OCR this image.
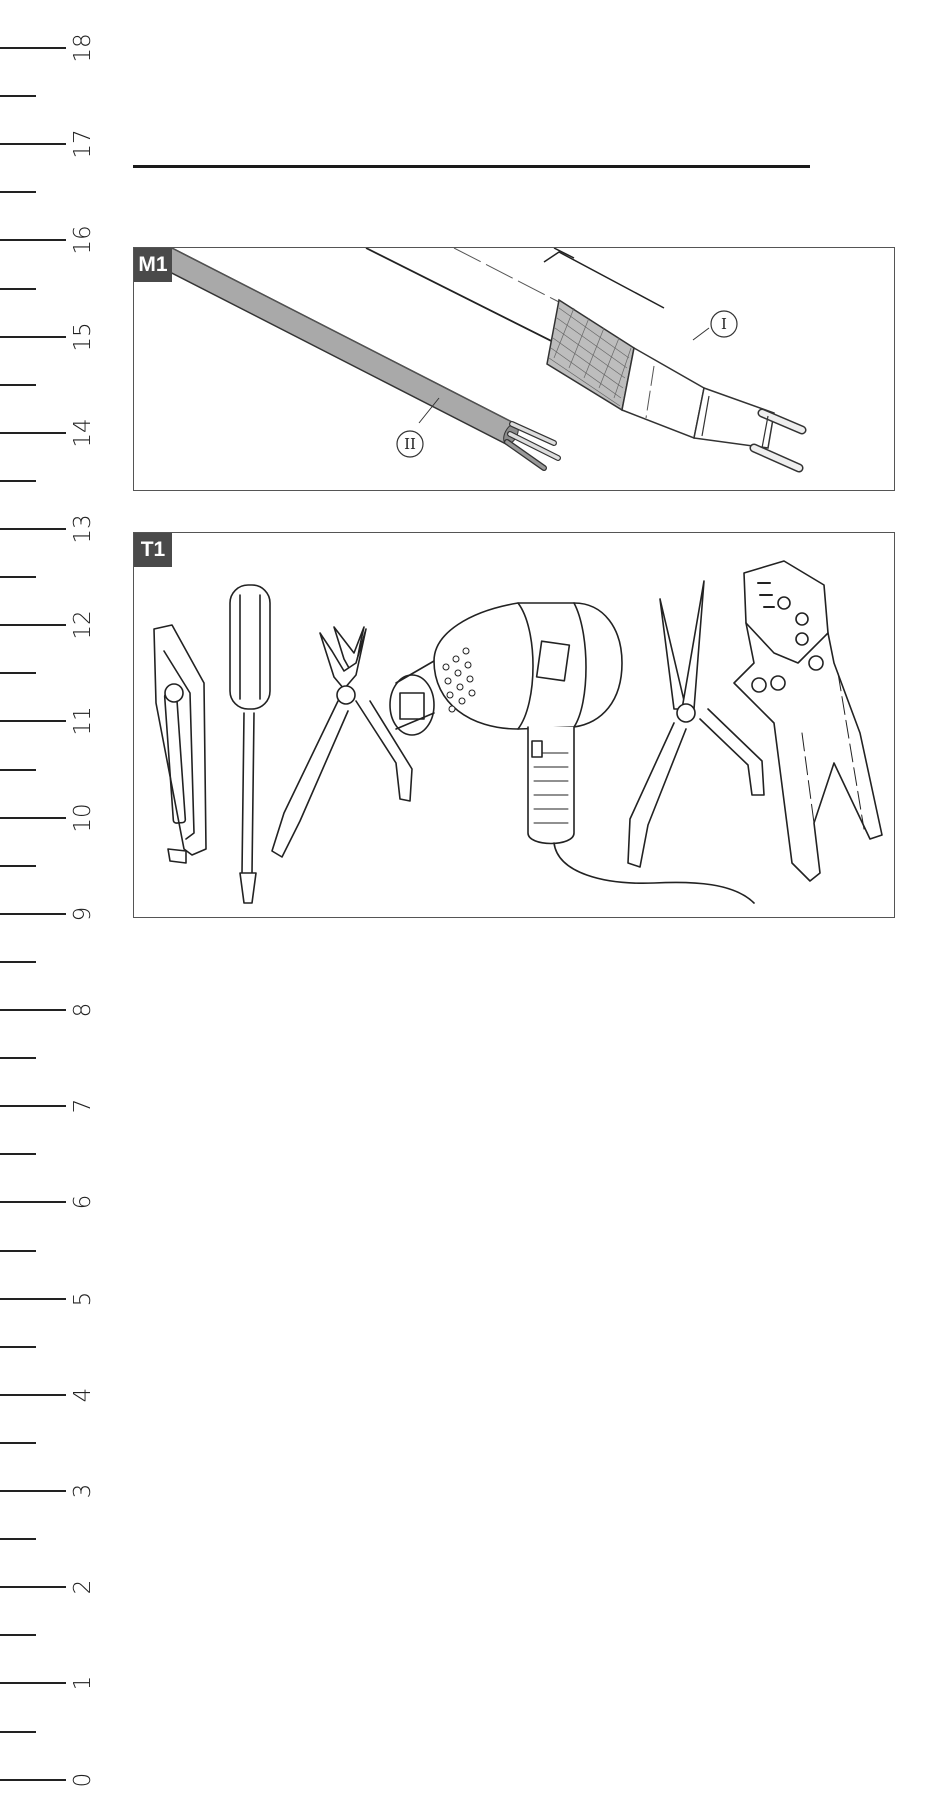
18
17
16
15
14
13
12
11
10
9
8
7
6
5
4
3
2
1
0
M1
I
II
T1
